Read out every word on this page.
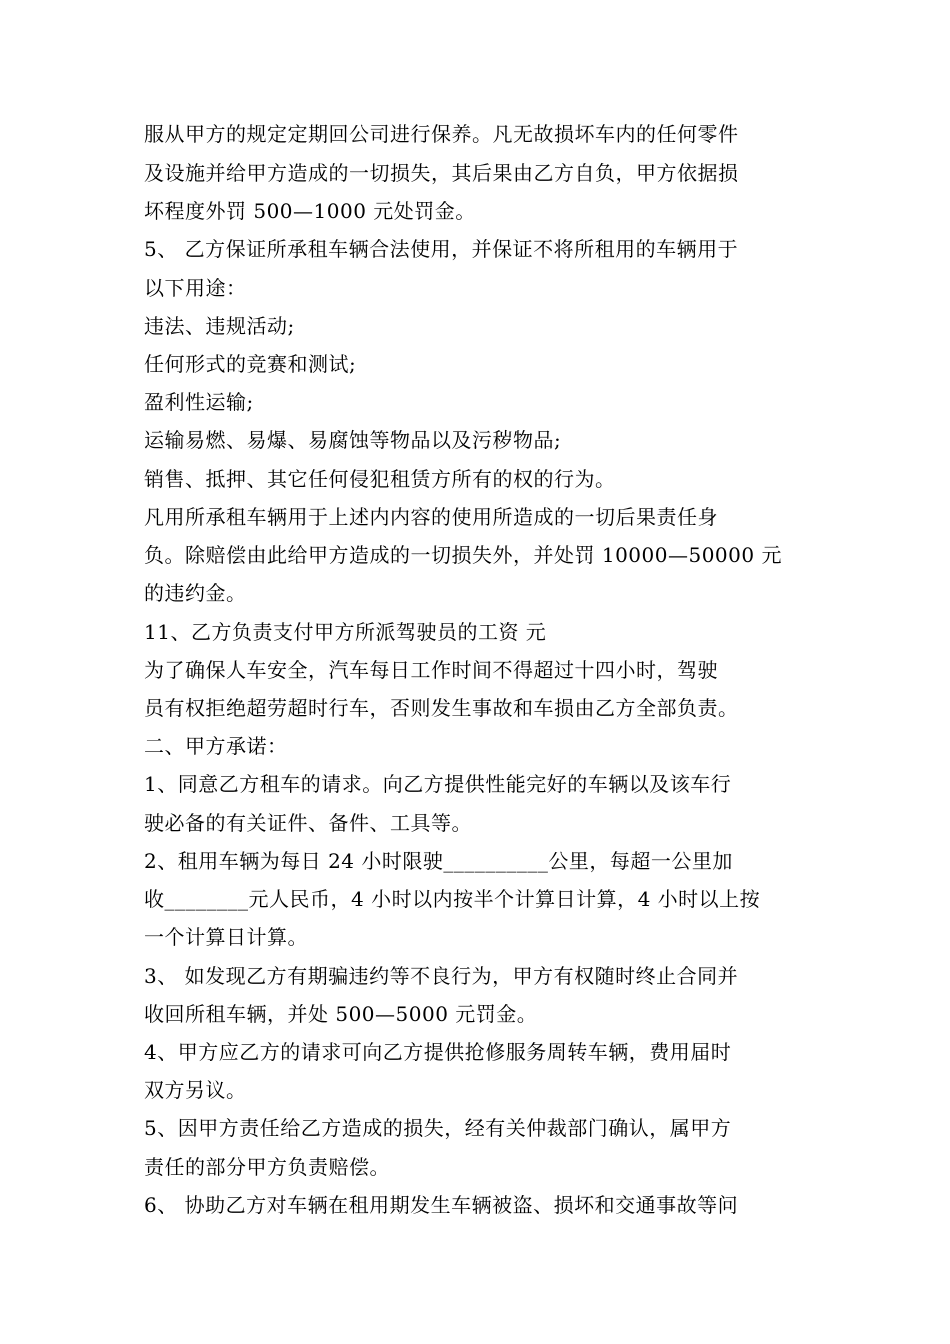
服从甲方的规定定期回公司进行保养。凡无故损坏车内的任何零件
及设施并给甲方造成的一切损失，其后果由乙方自负，甲方依据损
坏程度外罚 500—1000 元处罚金。
5、 乙方保证所承租车辆合法使用，并保证不将所租用的车辆用于
以下用途：
违法、违规活动;
任何形式的竞赛和测试;
盈利性运输;
运输易燃、易爆、易腐蚀等物品以及污秽物品;
销售、抵押、其它任何侵犯租赁方所有的权的行为。
凡用所承租车辆用于上述内内容的使用所造成的一切后果责任身
负。除赔偿由此给甲方造成的一切损失外，并处罚 10000—50000 元
的违约金。
11、乙方负责支付甲方所派驾驶员的工资 元
为了确保人车安全，汽车每日工作时间不得超过十四小时，驾驶
员有权拒绝超劳超时行车，否则发生事故和车损由乙方全部负责。
二、甲方承诺：
1、同意乙方租车的请求。向乙方提供性能完好的车辆以及该车行
驶必备的有关证件、备件、工具等。
2、租用车辆为每日 24 小时限驶__________公里，每超一公里加
收________元人民币，4 小时以内按半个计算日计算，4 小时以上按
一个计算日计算。
3、 如发现乙方有期骗违约等不良行为，甲方有权随时终止合同并
收回所租车辆，并处 500—5000 元罚金。
4、甲方应乙方的请求可向乙方提供抢修服务周转车辆，费用届时
双方另议。
5、因甲方责任给乙方造成的损失，经有关仲裁部门确认，属甲方
责任的部分甲方负责赔偿。
6、 协助乙方对车辆在租用期发生车辆被盗、损坏和交通事故等问
